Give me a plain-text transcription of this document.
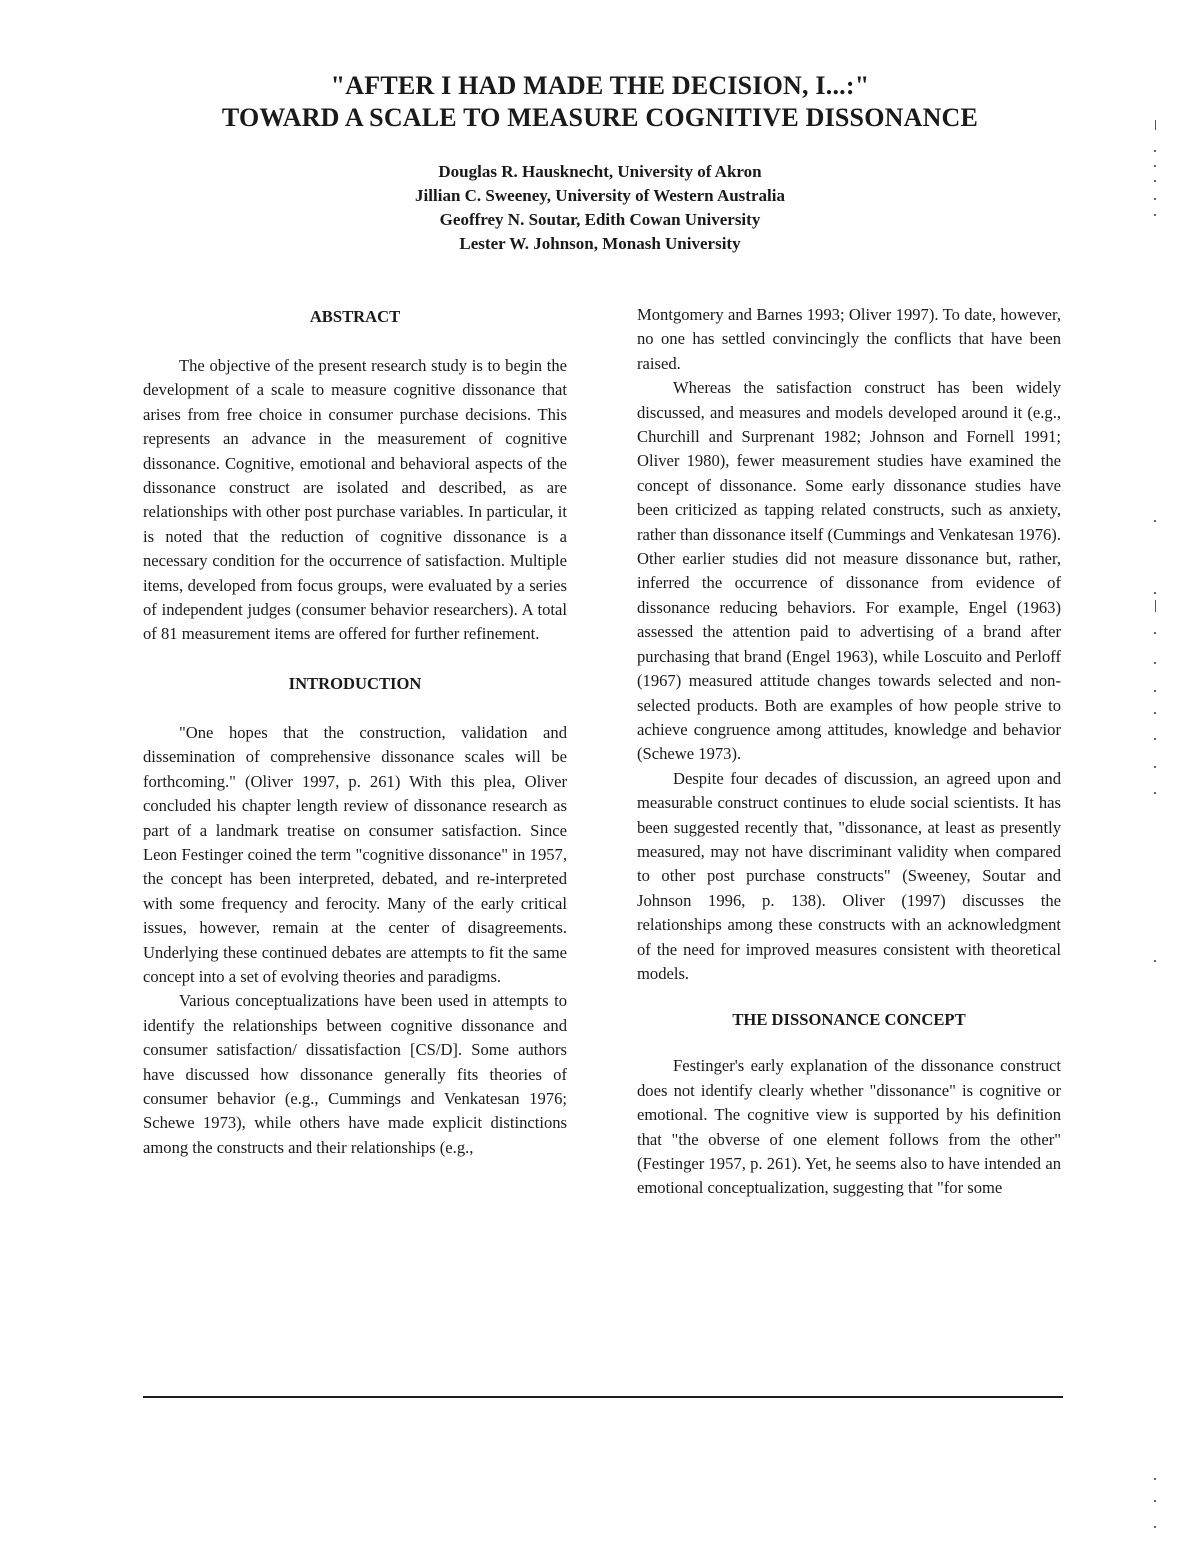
"AFTER I HAD MADE THE DECISION, I...:"
TOWARD A SCALE TO MEASURE COGNITIVE DISSONANCE
Douglas R. Hausknecht, University of Akron
Jillian C. Sweeney, University of Western Australia
Geoffrey N. Soutar, Edith Cowan University
Lester W. Johnson, Monash University
ABSTRACT

The objective of the present research study is to begin the development of a scale to measure cognitive dissonance that arises from free choice in consumer purchase decisions. This represents an advance in the measurement of cognitive dissonance. Cognitive, emotional and behavioral aspects of the dissonance construct are isolated and described, as are relationships with other post purchase variables. In particular, it is noted that the reduction of cognitive dissonance is a necessary condition for the occurrence of satisfaction. Multiple items, developed from focus groups, were evaluated by a series of independent judges (consumer behavior researchers). A total of 81 measurement items are offered for further refinement.

INTRODUCTION

"One hopes that the construction, validation and dissemination of comprehensive dissonance scales will be forthcoming." (Oliver 1997, p. 261) With this plea, Oliver concluded his chapter length review of dissonance research as part of a landmark treatise on consumer satisfaction. Since Leon Festinger coined the term "cognitive dissonance" in 1957, the concept has been interpreted, debated, and re-interpreted with some frequency and ferocity. Many of the early critical issues, however, remain at the center of disagreements. Underlying these continued debates are attempts to fit the same concept into a set of evolving theories and paradigms.

Various conceptualizations have been used in attempts to identify the relationships between cognitive dissonance and consumer satisfaction/ dissatisfaction [CS/D]. Some authors have discussed how dissonance generally fits theories of consumer behavior (e.g., Cummings and Venkatesan 1976; Schewe 1973), while others have made explicit distinctions among the constructs and their relationships (e.g.,

Montgomery and Barnes 1993; Oliver 1997). To date, however, no one has settled convincingly the conflicts that have been raised.

Whereas the satisfaction construct has been widely discussed, and measures and models developed around it (e.g., Churchill and Surprenant 1982; Johnson and Fornell 1991; Oliver 1980), fewer measurement studies have examined the concept of dissonance. Some early dissonance studies have been criticized as tapping related constructs, such as anxiety, rather than dissonance itself (Cummings and Venkatesan 1976). Other earlier studies did not measure dissonance but, rather, inferred the occurrence of dissonance from evidence of dissonance reducing behaviors. For example, Engel (1963) assessed the attention paid to advertising of a brand after purchasing that brand (Engel 1963), while Loscuito and Perloff (1967) measured attitude changes towards selected and non-selected products. Both are examples of how people strive to achieve congruence among attitudes, knowledge and behavior (Schewe 1973).

Despite four decades of discussion, an agreed upon and measurable construct continues to elude social scientists. It has been suggested recently that, "dissonance, at least as presently measured, may not have discriminant validity when compared to other post purchase constructs" (Sweeney, Soutar and Johnson 1996, p. 138). Oliver (1997) discusses the relationships among these constructs with an acknowledgment of the need for improved measures consistent with theoretical models.

THE DISSONANCE CONCEPT

Festinger's early explanation of the dissonance construct does not identify clearly whether "dissonance" is cognitive or emotional. The cognitive view is supported by his definition that "the obverse of one element follows from the other" (Festinger 1957, p. 261). Yet, he seems also to have intended an emotional conceptualization, suggesting that "for some
